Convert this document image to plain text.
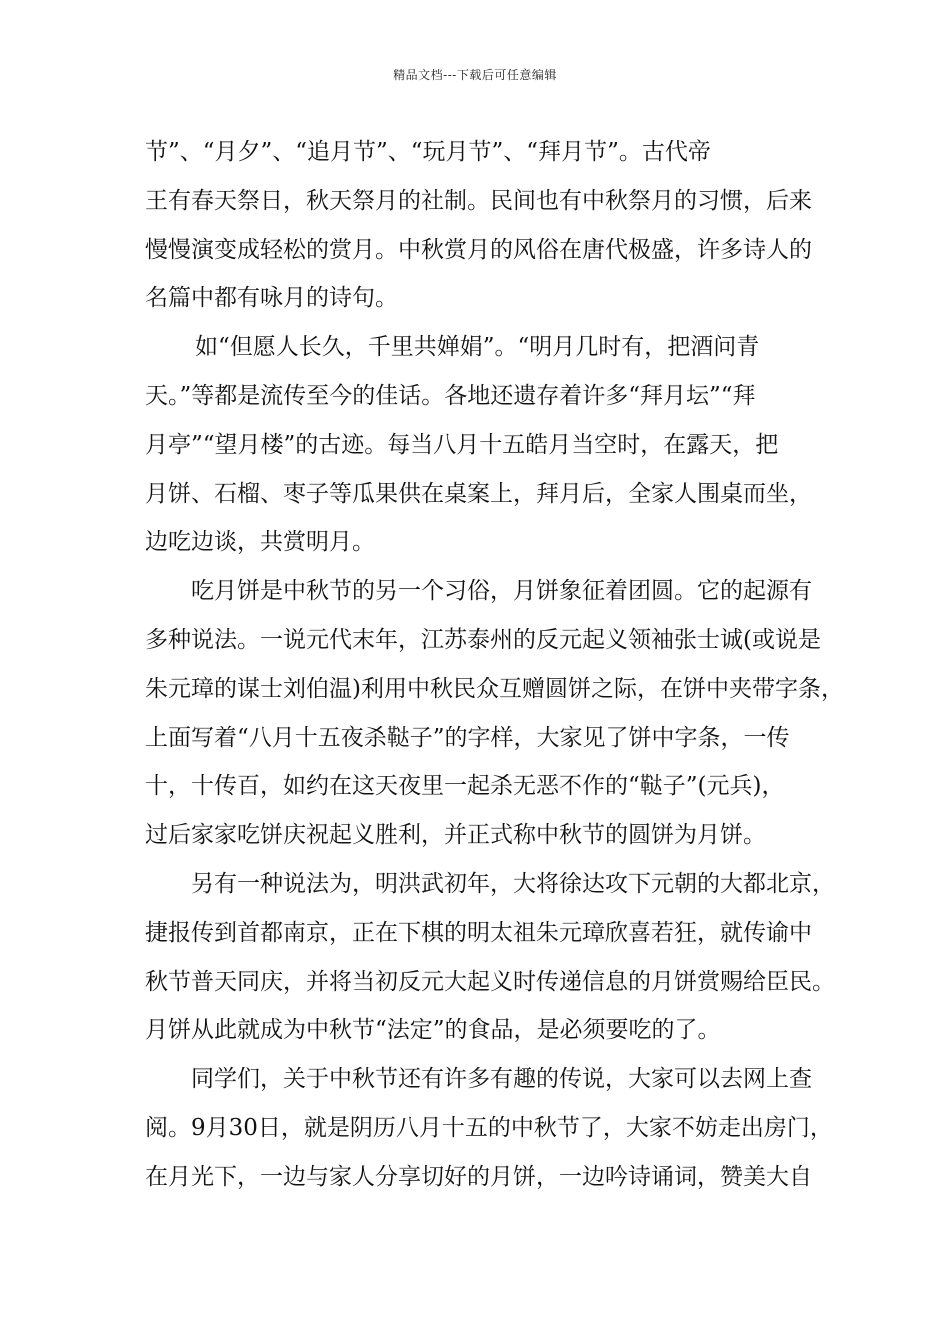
精品文档---下载后可任意编辑
节”、“月夕”、“追月节”、“玩月节”、“拜月节”。古代帝
王有春天祭日，秋天祭月的社制。民间也有中秋祭月的习惯，后来
慢慢演变成轻松的赏月。中秋赏月的风俗在唐代极盛，许多诗人的
名篇中都有咏月的诗句。
如“但愿人长久，千里共婵娟”。“明月几时有，把酒问青
天。”等都是流传至今的佳话。各地还遗存着许多“拜月坛”“拜
月亭”“望月楼”的古迹。每当八月十五皓月当空时，在露天，把
月饼、石榴、枣子等瓜果供在桌案上，拜月后，全家人围桌而坐，
边吃边谈，共赏明月。
吃月饼是中秋节的另一个习俗，月饼象征着团圆。它的起源有
多种说法。一说元代末年，江苏泰州的反元起义领袖张士诚(或说是
朱元璋的谋士刘伯温)利用中秋民众互赠圆饼之际，在饼中夹带字条，
上面写着“八月十五夜杀鞑子”的字样，大家见了饼中字条，一传
十，十传百，如约在这天夜里一起杀无恶不作的“鞑子”(元兵)，
过后家家吃饼庆祝起义胜利，并正式称中秋节的圆饼为月饼。
另有一种说法为，明洪武初年，大将徐达攻下元朝的大都北京，
捷报传到首都南京，正在下棋的明太祖朱元璋欣喜若狂，就传谕中
秋节普天同庆，并将当初反元大起义时传递信息的月饼赏赐给臣民。
月饼从此就成为中秋节“法定”的食品，是必须要吃的了。
同学们，关于中秋节还有许多有趣的传说，大家可以去网上查
阅。9月30日，就是阴历八月十五的中秋节了，大家不妨走出房门，
在月光下，一边与家人分享切好的月饼，一边吟诗诵词，赞美大自
